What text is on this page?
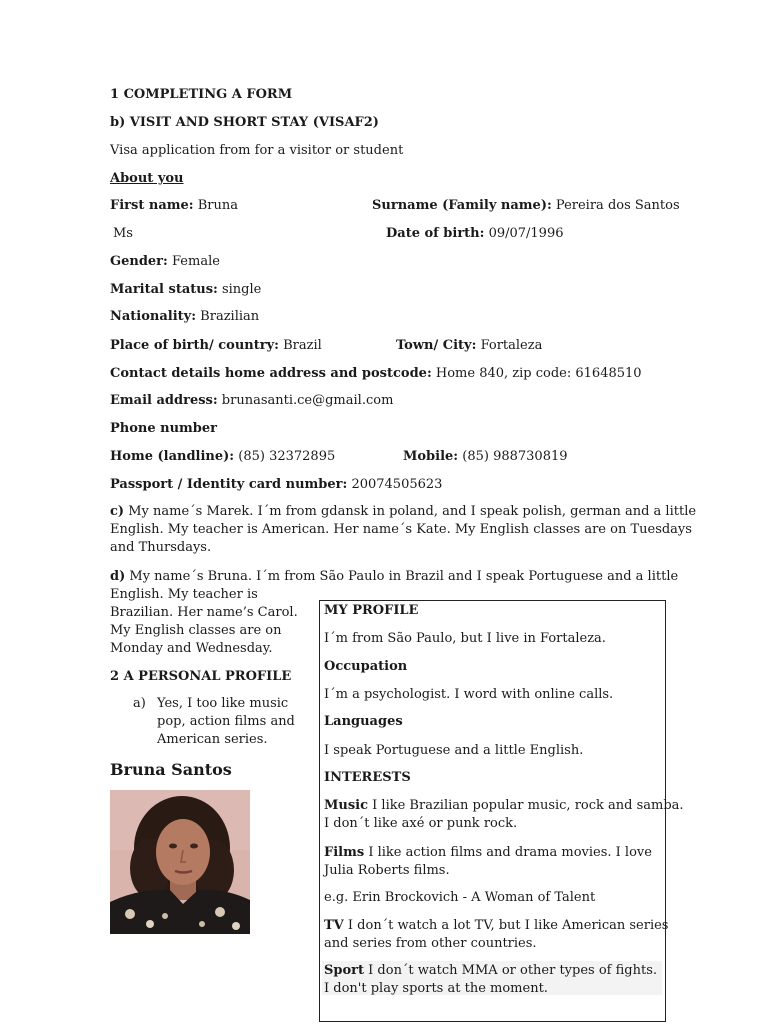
1 COMPLETING A FORM
b) VISIT AND SHORT STAY (VISAF2)
Visa application from for a visitor or student
About you
First name: Bruna	Surname (Family name): Pereira dos Santos
Ms	Date of birth: 09/07/1996
Gender: Female
Marital status: single
Nationality: Brazilian
Place of birth/ country: Brazil	Town/ City: Fortaleza
Contact details home address and postcode: Home 840, zip code: 61648510
Email address: brunasanti.ce@gmail.com
Phone number
Home (landline): (85) 32372895	Mobile: (85) 988730819
Passport / Identity card number: 20074505623
c) My name´s Marek. I´m from gdansk in poland, and I speak polish, german and a little
English. My teacher is American. Her name´s Kate. My English classes are on Tuesdays
and Thursdays.
d) My name´s Bruna. I´m from São Paulo in Brazil and I speak Portuguese and a little
English. My teacher is
Brazilian. Her name’s Carol.
My English classes are on
Monday and Wednesday.
2 A PERSONAL PROFILE
a) Yes, I too like music
pop, action films and
American series.
Bruna Santos
MY PROFILE
I´m from São Paulo, but I live in Fortaleza.
Occupation
I´m a psychologist. I word with online calls.
Languages
I speak Portuguese and a little English.
INTERESTS
Music I like Brazilian popular music, rock and samba.
I don´t like axé or punk rock.
Films I like action films and drama movies. I love
Julia Roberts films.
e.g. Erin Brockovich - A Woman of Talent
TV I don´t watch a lot TV, but I like American series
and series from other countries.
Sport I don´t watch MMA or other types of fights.
I don't play sports at the moment.
